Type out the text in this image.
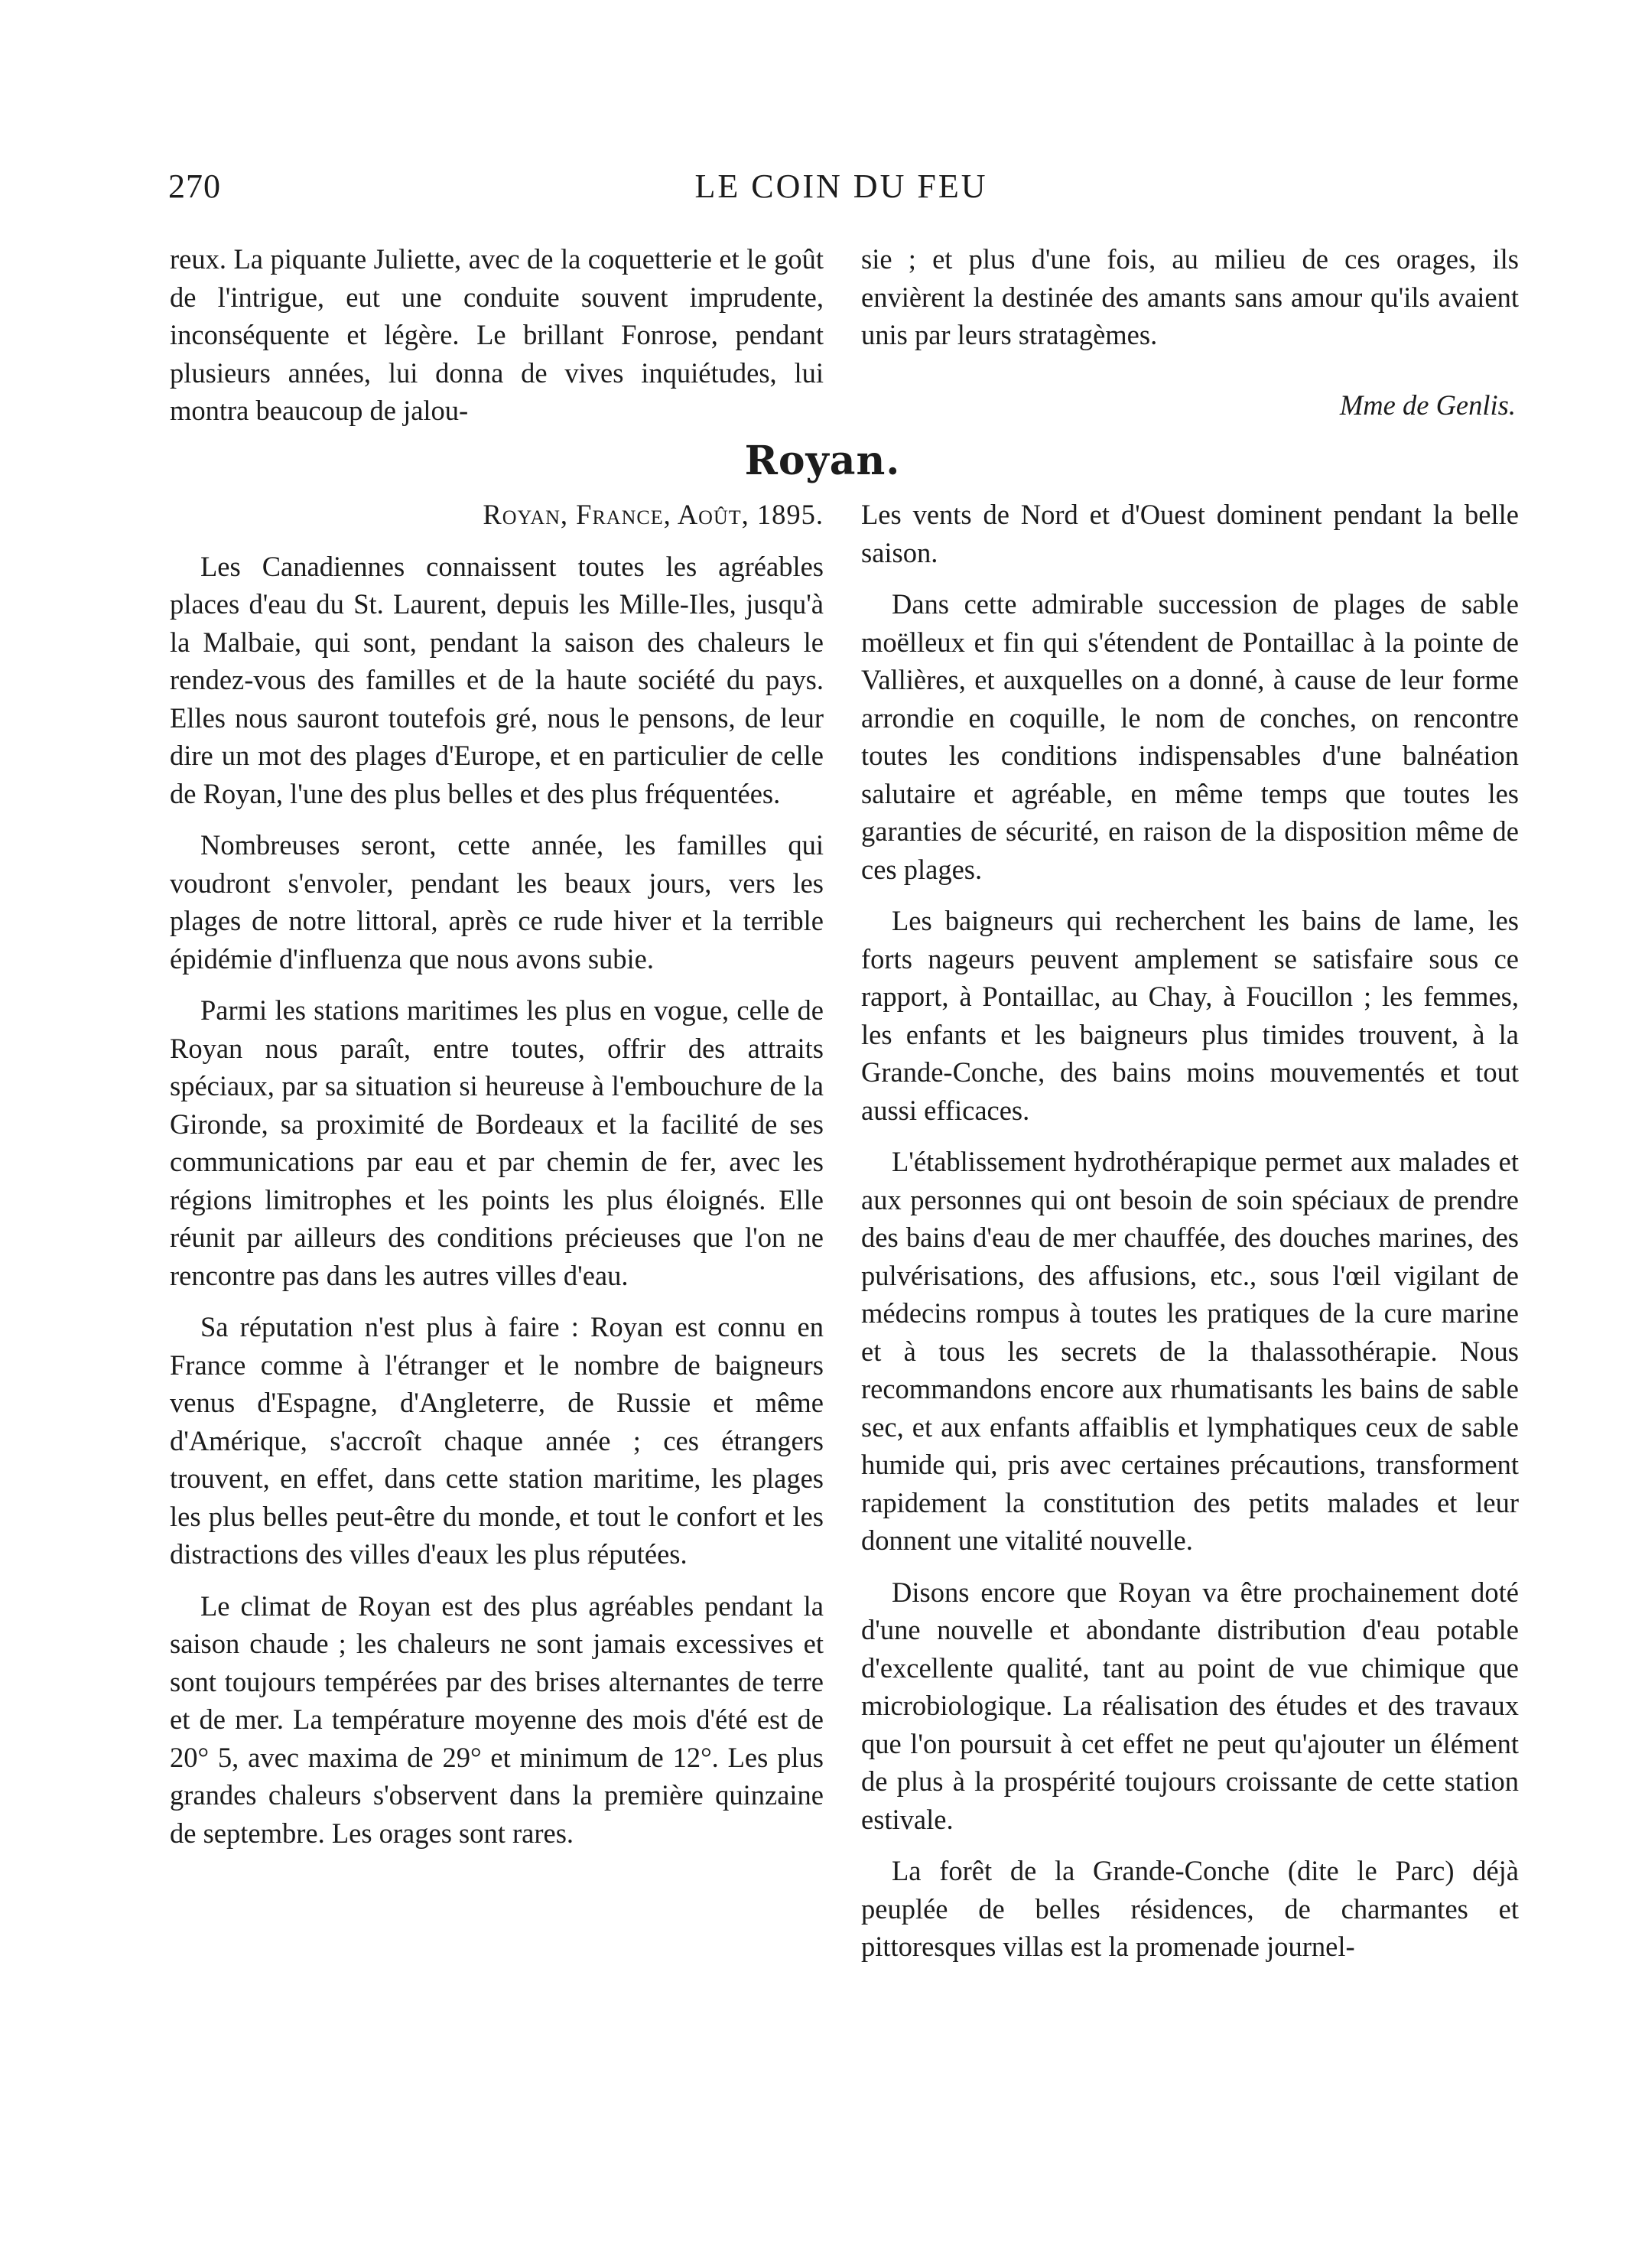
270	LE COIN DU FEU

reux. La piquante Juliette, avec de la coquetterie et le goût de l'intrigue, eut une conduite souvent imprudente, inconséquente et légère. Le brillant Fonrose, pendant plusieurs années, lui donna de vives inquiétudes, lui montra beaucoup de jalou-

sie ; et plus d'une fois, au milieu de ces orages, ils envièrent la destinée des amants sans amour qu'ils avaient unis par leurs stratagèmes.

Mme de Genlis.
Royan.

Royan, France, Août, 1895.

Les Canadiennes connaissent toutes les agréables places d'eau du St. Laurent, depuis les Mille-Iles, jusqu'à la Malbaie, qui sont, pendant la saison des chaleurs le rendez-vous des familles et de la haute société du pays. Elles nous sauront toutefois gré, nous le pensons, de leur dire un mot des plages d'Europe, et en particulier de celle de Royan, l'une des plus belles et des plus fréquentées.

Nombreuses seront, cette année, les familles qui voudront s'envoler, pendant les beaux jours, vers les plages de notre littoral, après ce rude hiver et la terrible épidémie d'influenza que nous avons subie.

Parmi les stations maritimes les plus en vogue, celle de Royan nous paraît, entre toutes, offrir des attraits spéciaux, par sa situation si heureuse à l'embouchure de la Gironde, sa proximité de Bordeaux et la facilité de ses communications par eau et par chemin de fer, avec les régions limitrophes et les points les plus éloignés. Elle réunit par ailleurs des conditions précieuses que l'on ne rencontre pas dans les autres villes d'eau.

Sa réputation n'est plus à faire : Royan est connu en France comme à l'étranger et le nombre de baigneurs venus d'Espagne, d'Angleterre, de Russie et même d'Amérique, s'accroît chaque année ; ces étrangers trouvent, en effet, dans cette station maritime, les plages les plus belles peut-être du monde, et tout le confort et les distractions des villes d'eaux les plus réputées.

Le climat de Royan est des plus agréables pendant la saison chaude ; les chaleurs ne sont jamais excessives et sont toujours tempérées par des brises alternantes de terre et de mer. La température moyenne des mois d'été est de 20° 5, avec maxima de 29° et minimum de 12°. Les plus grandes chaleurs s'observent dans la première quinzaine de septembre. Les orages sont rares.

Les vents de Nord et d'Ouest dominent pendant la belle saison.

Dans cette admirable succession de plages de sable moëlleux et fin qui s'étendent de Pontaillac à la pointe de Vallières, et auxquelles on a donné, à cause de leur forme arrondie en coquille, le nom de conches, on rencontre toutes les conditions indispensables d'une balnéation salutaire et agréable, en même temps que toutes les garanties de sécurité, en raison de la disposition même de ces plages.

Les baigneurs qui recherchent les bains de lame, les forts nageurs peuvent amplement se satisfaire sous ce rapport, à Pontaillac, au Chay, à Foucillon ; les femmes, les enfants et les baigneurs plus timides trouvent, à la Grande-Conche, des bains moins mouvementés et tout aussi efficaces.

L'établissement hydrothérapique permet aux malades et aux personnes qui ont besoin de soin spéciaux de prendre des bains d'eau de mer chauffée, des douches marines, des pulvérisations, des affusions, etc., sous l'œil vigilant de médecins rompus à toutes les pratiques de la cure marine et à tous les secrets de la thalassothérapie. Nous recommandons encore aux rhumatisants les bains de sable sec, et aux enfants affaiblis et lymphatiques ceux de sable humide qui, pris avec certaines précautions, transforment rapidement la constitution des petits malades et leur donnent une vitalité nouvelle.

Disons encore que Royan va être prochainement doté d'une nouvelle et abondante distribution d'eau potable d'excellente qualité, tant au point de vue chimique que microbiologique. La réalisation des études et des travaux que l'on poursuit à cet effet ne peut qu'ajouter un élément de plus à la prospérité toujours croissante de cette station estivale.

La forêt de la Grande-Conche (dite le Parc) déjà peuplée de belles résidences, de charmantes et pittoresques villas est la promenade journel-
